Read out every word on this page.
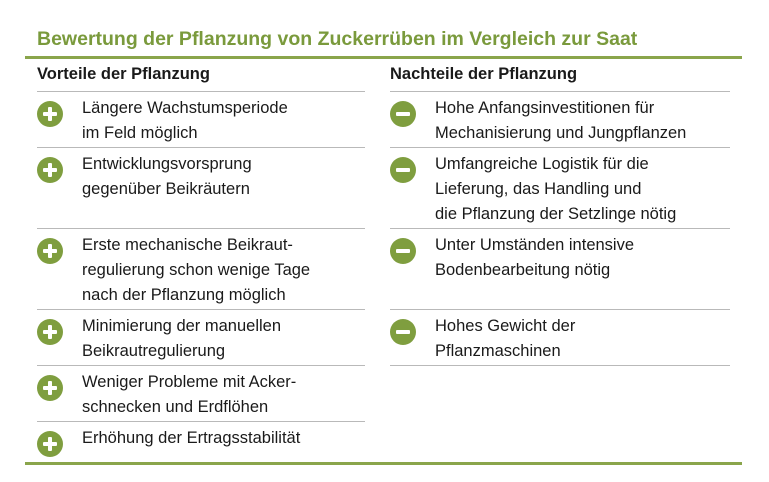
Bewertung der Pflanzung von Zuckerrüben im Vergleich zur Saat
Vorteile der Pflanzung
Längere Wachstumsperiode
im Feld möglich
Entwicklungsvorsprung
gegenüber Beikräutern
Erste mechanische Beikraut-
regulierung schon wenige Tage
nach der Pflanzung möglich
Minimierung der manuellen
Beikrautregulierung
Weniger Probleme mit Acker-
schnecken und Erdflöhen
Erhöhung der Ertragsstabilität
Nachteile der Pflanzung
Hohe Anfangsinvestitionen für
Mechanisierung und Jungpflanzen
Umfangreiche Logistik für die
Lieferung, das Handling und
die Pflanzung der Setzlinge nötig
Unter Umständen intensive
Bodenbearbeitung nötig
Hohes Gewicht der
Pflanzmaschinen
